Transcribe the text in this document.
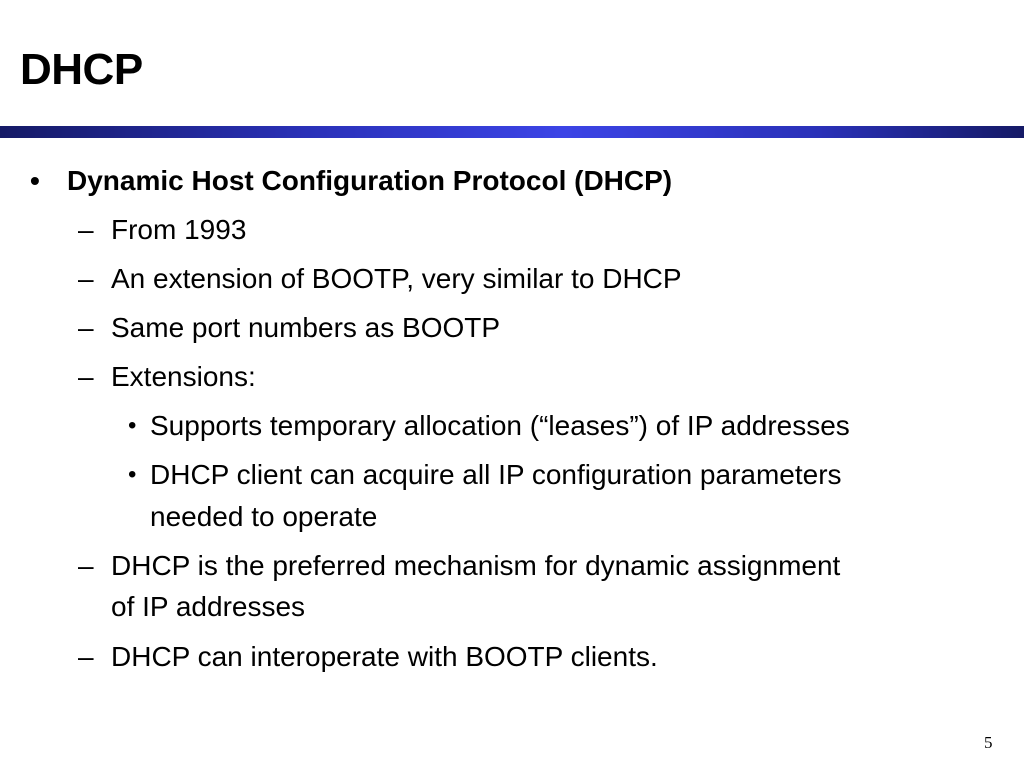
DHCP
• Dynamic Host Configuration Protocol (DHCP)
– From 1993
– An extension of BOOTP, very similar to DHCP
– Same port numbers as BOOTP
– Extensions:
• Supports temporary allocation (“leases”) of IP addresses
• DHCP client can acquire all IP configuration parameters
needed to operate
– DHCP is the preferred mechanism for dynamic assignment
of IP addresses
– DHCP can interoperate with BOOTP clients.
5
